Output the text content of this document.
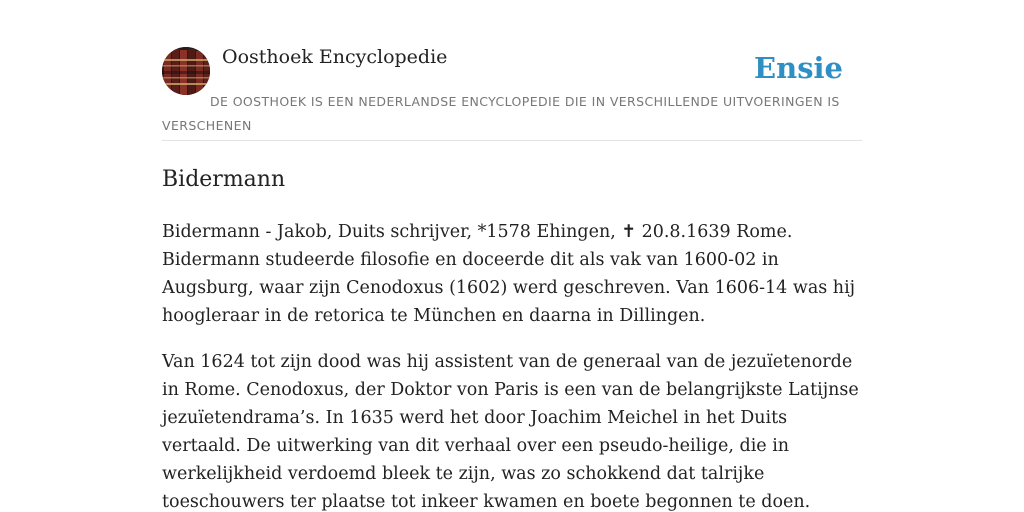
Oosthoek Encyclopedie	Ensie
DE OOSTHOEK IS EEN NEDERLANDSE ENCYCLOPEDIE DIE IN VERSCHILLENDE UITVOERINGEN IS VERSCHENEN
Bidermann

Bidermann - Jakob, Duits schrijver, *1578 Ehingen, ✝ 20.8.1639 Rome. Bidermann studeerde filosofie en doceerde dit als vak van 1600-02 in Augsburg, waar zijn Cenodoxus (1602) werd geschreven. Van 1606-14 was hij hoogleraar in de retorica te München en daarna in Dillingen.

Van 1624 tot zijn dood was hij assistent van de generaal van de jezuïetenorde in Rome. Cenodoxus, der Doktor von Paris is een van de belangrijkste Latijnse jezuïetendrama’s. In 1635 werd het door Joachim Meichel in het Duits vertaald. De uitwerking van dit verhaal over een pseudo-heilige, die in werkelijkheid verdoemd bleek te zijn, was zo schokkend dat talrijke toeschouwers ter plaatse tot inkeer kwamen en boete begonnen te doen.
